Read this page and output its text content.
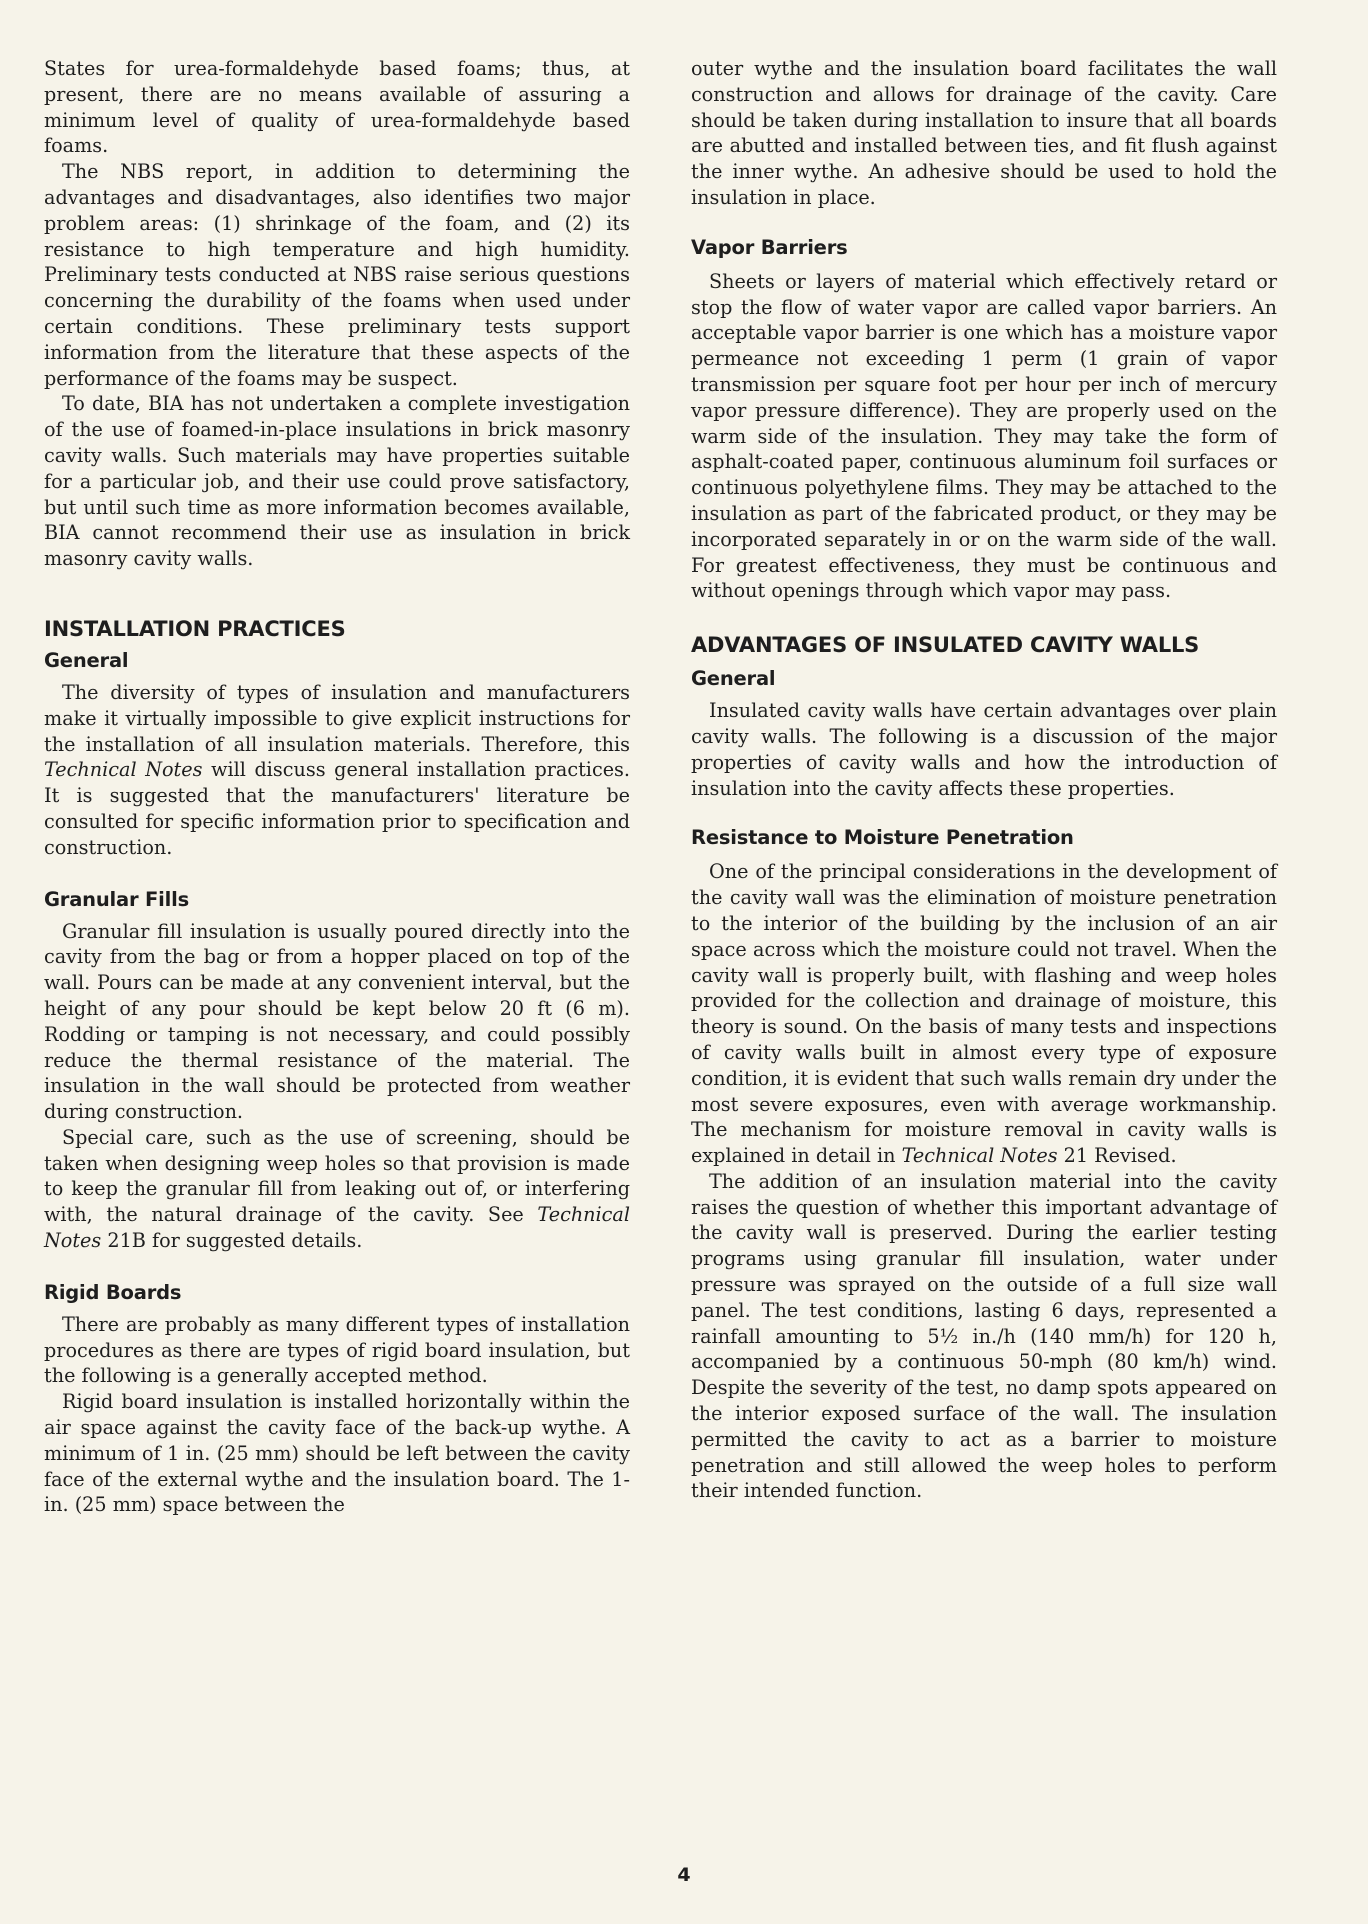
States for urea-formaldehyde based foams; thus, at present, there are no means available of assuring a minimum level of quality of urea-formaldehyde based foams.

The NBS report, in addition to determining the advantages and disadvantages, also identifies two major problem areas: (1) shrinkage of the foam, and (2) its resistance to high temperature and high humidity. Preliminary tests conducted at NBS raise serious questions concerning the durability of the foams when used under certain conditions. These preliminary tests support information from the literature that these aspects of the performance of the foams may be suspect.

To date, BIA has not undertaken a complete investigation of the use of foamed-in-place insulations in brick masonry cavity walls. Such materials may have properties suitable for a particular job, and their use could prove satisfactory, but until such time as more information becomes available, BIA cannot recommend their use as insulation in brick masonry cavity walls.

INSTALLATION PRACTICES
General

The diversity of types of insulation and manufacturers make it virtually impossible to give explicit instructions for the installation of all insulation materials. Therefore, this Technical Notes will discuss general installation practices. It is suggested that the manufacturers' literature be consulted for specific information prior to specification and construction.

Granular Fills

Granular fill insulation is usually poured directly into the cavity from the bag or from a hopper placed on top of the wall. Pours can be made at any convenient interval, but the height of any pour should be kept below 20 ft (6 m). Rodding or tamping is not necessary, and could possibly reduce the thermal resistance of the material. The insulation in the wall should be protected from weather during construction.

Special care, such as the use of screening, should be taken when designing weep holes so that provision is made to keep the granular fill from leaking out of, or interfering with, the natural drainage of the cavity. See Technical Notes 21B for suggested details.

Rigid Boards

There are probably as many different types of installation procedures as there are types of rigid board insulation, but the following is a generally accepted method.

Rigid board insulation is installed horizontally within the air space against the cavity face of the back-up wythe. A minimum of 1 in. (25 mm) should be left between the cavity face of the external wythe and the insulation board. The 1-in. (25 mm) space between the

outer wythe and the insulation board facilitates the wall construction and allows for drainage of the cavity. Care should be taken during installation to insure that all boards are abutted and installed between ties, and fit flush against the inner wythe. An adhesive should be used to hold the insulation in place.

Vapor Barriers

Sheets or layers of material which effectively retard or stop the flow of water vapor are called vapor barriers. An acceptable vapor barrier is one which has a moisture vapor permeance not exceeding 1 perm (1 grain of vapor transmission per square foot per hour per inch of mercury vapor pressure difference). They are properly used on the warm side of the insulation. They may take the form of asphalt-coated paper, continuous aluminum foil surfaces or continuous polyethylene films. They may be attached to the insulation as part of the fabricated product, or they may be incorporated separately in or on the warm side of the wall. For greatest effectiveness, they must be continuous and without openings through which vapor may pass.

ADVANTAGES OF INSULATED CAVITY WALLS
General

Insulated cavity walls have certain advantages over plain cavity walls. The following is a discussion of the major properties of cavity walls and how the introduction of insulation into the cavity affects these properties.

Resistance to Moisture Penetration

One of the principal considerations in the development of the cavity wall was the elimination of moisture penetration to the interior of the building by the inclusion of an air space across which the moisture could not travel. When the cavity wall is properly built, with flashing and weep holes provided for the collection and drainage of moisture, this theory is sound. On the basis of many tests and inspections of cavity walls built in almost every type of exposure condition, it is evident that such walls remain dry under the most severe exposures, even with average workmanship. The mechanism for moisture removal in cavity walls is explained in detail in Technical Notes 21 Revised.

The addition of an insulation material into the cavity raises the question of whether this important advantage of the cavity wall is preserved. During the earlier testing programs using granular fill insulation, water under pressure was sprayed on the outside of a full size wall panel. The test conditions, lasting 6 days, represented a rainfall amounting to 5½ in./h (140 mm/h) for 120 h, accompanied by a continuous 50-mph (80 km/h) wind. Despite the severity of the test, no damp spots appeared on the interior exposed surface of the wall. The insulation permitted the cavity to act as a barrier to moisture penetration and still allowed the weep holes to perform their intended function.

4
